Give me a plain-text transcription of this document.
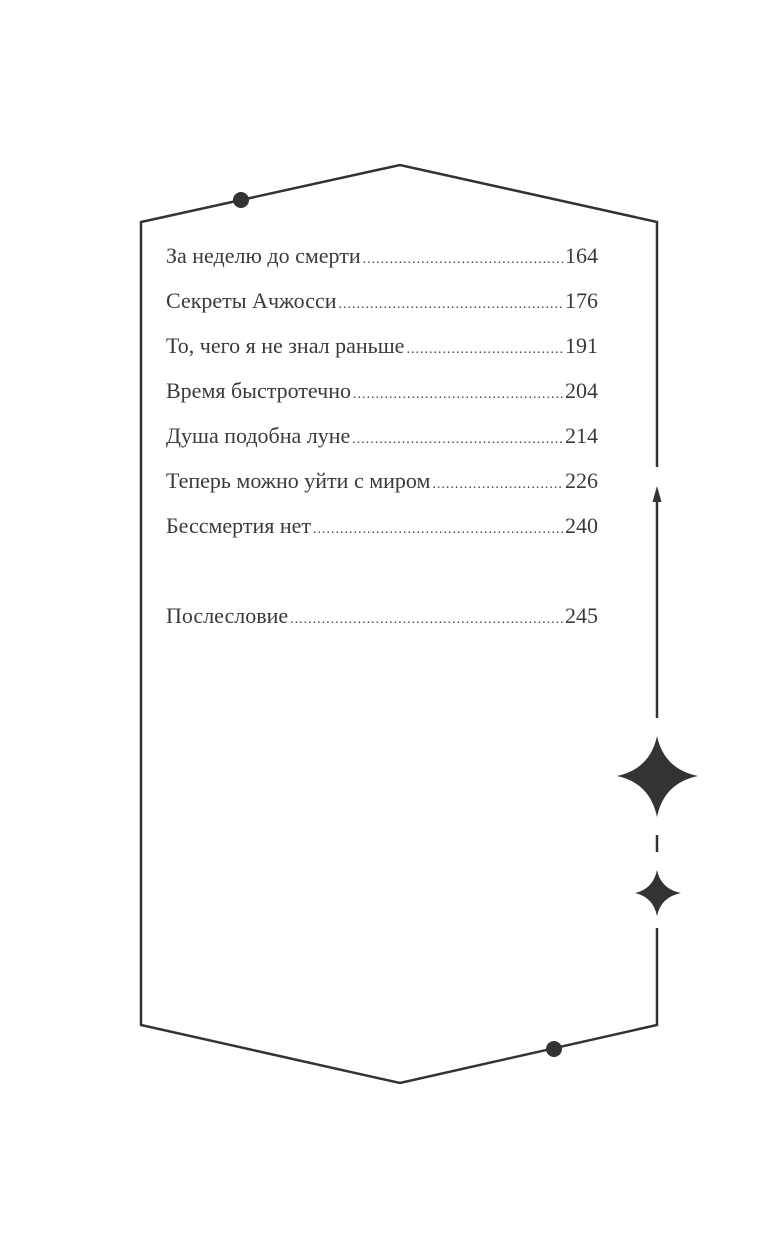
За неделю до смерти .....	164
Секреты Ачжосси .....	176
То, чего я не знал раньше .....	191
Время быстротечно .....	204
Душа подобна луне .....	214
Теперь можно уйти с миром .....	226
Бессмертия нет .....	240
Послесловие .....	245
